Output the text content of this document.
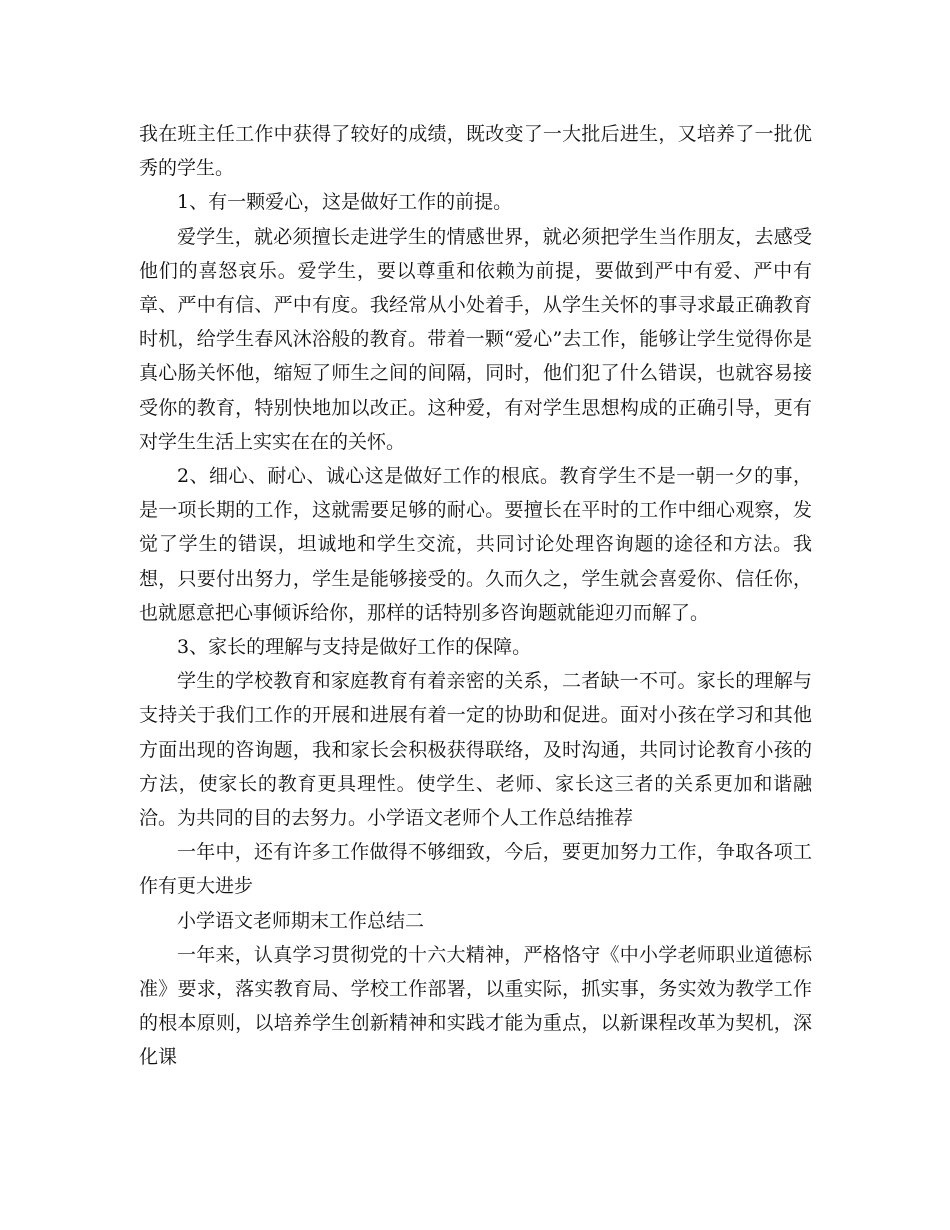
我在班主任工作中获得了较好的成绩，既改变了一大批后进生，又培养了一批优秀的学生。

1、有一颗爱心，这是做好工作的前提。

爱学生，就必须擅长走进学生的情感世界，就必须把学生当作朋友，去感受他们的喜怒哀乐。爱学生，要以尊重和依赖为前提，要做到严中有爱、严中有章、严中有信、严中有度。我经常从小处着手，从学生关怀的事寻求最正确教育时机，给学生春风沐浴般的教育。带着一颗“爱心”去工作，能够让学生觉得你是真心肠关怀他，缩短了师生之间的间隔，同时，他们犯了什么错误，也就容易接受你的教育，特别快地加以改正。这种爱，有对学生思想构成的正确引导，更有对学生生活上实实在在的关怀。

2、细心、耐心、诚心这是做好工作的根底。教育学生不是一朝一夕的事，是一项长期的工作，这就需要足够的耐心。要擅长在平时的工作中细心观察，发觉了学生的错误，坦诚地和学生交流，共同讨论处理咨询题的途径和方法。我想，只要付出努力，学生是能够接受的。久而久之，学生就会喜爱你、信任你，也就愿意把心事倾诉给你，那样的话特别多咨询题就能迎刃而解了。

3、家长的理解与支持是做好工作的保障。

学生的学校教育和家庭教育有着亲密的关系，二者缺一不可。家长的理解与支持关于我们工作的开展和进展有着一定的协助和促进。面对小孩在学习和其他方面出现的咨询题，我和家长会积极获得联络，及时沟通，共同讨论教育小孩的方法，使家长的教育更具理性。使学生、老师、家长这三者的关系更加和谐融洽。为共同的目的去努力。小学语文老师个人工作总结推荐

一年中，还有许多工作做得不够细致，今后，要更加努力工作，争取各项工作有更大进步

小学语文老师期末工作总结二

一年来，认真学习贯彻党的十六大精神，严格恪守《中小学老师职业道德标准》要求，落实教育局、学校工作部署，以重实际，抓实事，务实效为教学工作的根本原则，以培养学生创新精神和实践才能为重点，以新课程改革为契机，深化课
